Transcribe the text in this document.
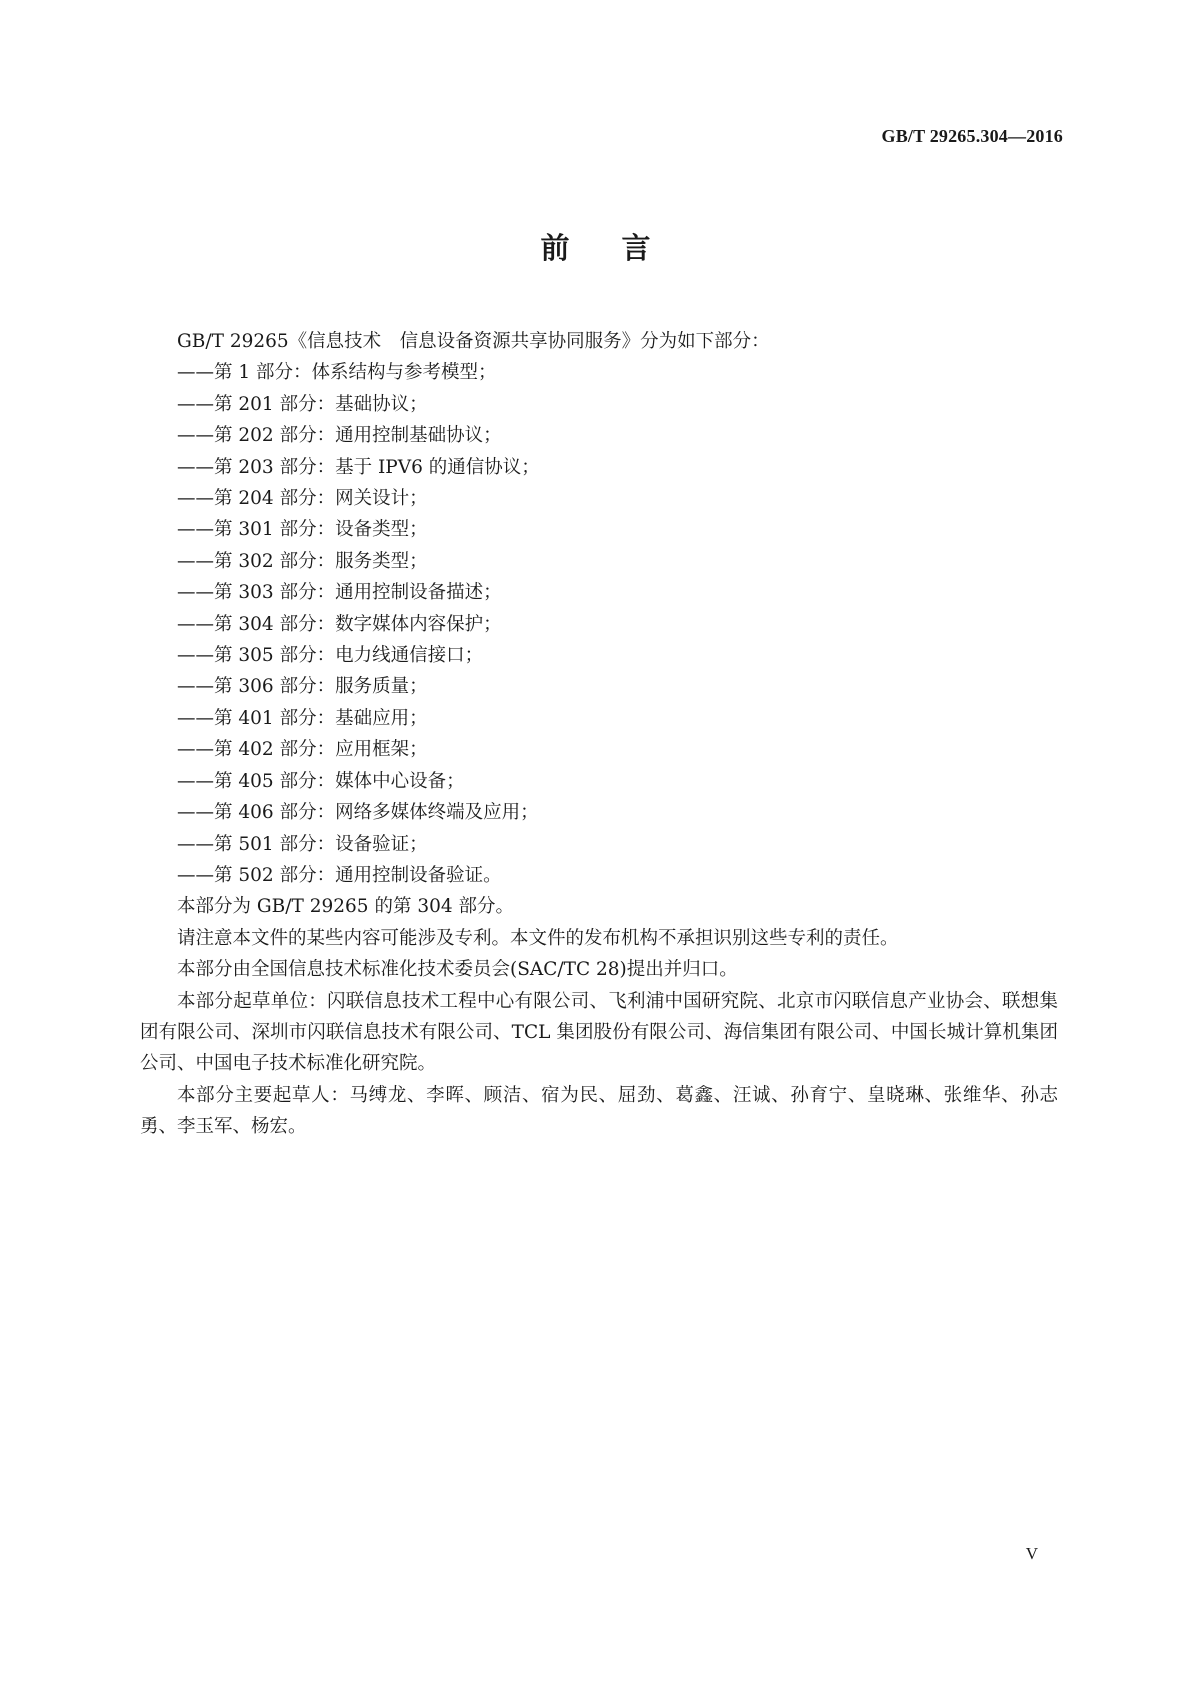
GB/T 29265.304—2016
前言

GB/T 29265《信息技术　信息设备资源共享协同服务》分为如下部分：

——第 1 部分：体系结构与参考模型；
——第 201 部分：基础协议；
——第 202 部分：通用控制基础协议；
——第 203 部分：基于 IPV6 的通信协议；
——第 204 部分：网关设计；
——第 301 部分：设备类型；
——第 302 部分：服务类型；
——第 303 部分：通用控制设备描述；
——第 304 部分：数字媒体内容保护；
——第 305 部分：电力线通信接口；
——第 306 部分：服务质量；
——第 401 部分：基础应用；
——第 402 部分：应用框架；
——第 405 部分：媒体中心设备；
——第 406 部分：网络多媒体终端及应用；
——第 501 部分：设备验证；
——第 502 部分：通用控制设备验证。

本部分为 GB/T 29265 的第 304 部分。

请注意本文件的某些内容可能涉及专利。本文件的发布机构不承担识别这些专利的责任。

本部分由全国信息技术标准化技术委员会(SAC/TC 28)提出并归口。

本部分起草单位：闪联信息技术工程中心有限公司、飞利浦中国研究院、北京市闪联信息产业协会、联想集团有限公司、深圳市闪联信息技术有限公司、TCL 集团股份有限公司、海信集团有限公司、中国长城计算机集团公司、中国电子技术标准化研究院。

本部分主要起草人：马缚龙、李晖、顾洁、宿为民、屈劲、葛鑫、汪诚、孙育宁、皇晓琳、张维华、孙志勇、李玉军、杨宏。

V
